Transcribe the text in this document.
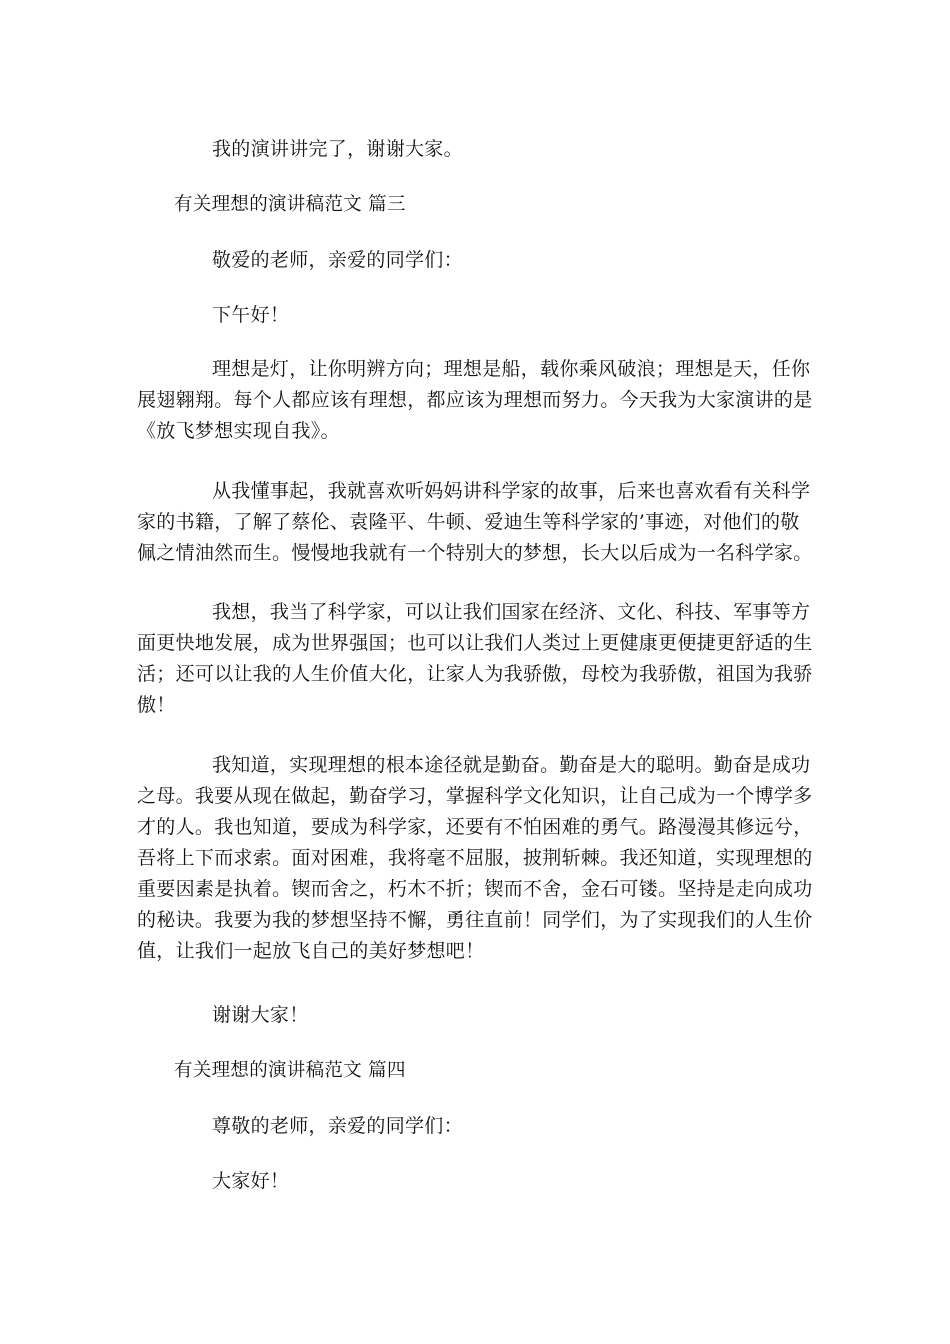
我的演讲讲完了，谢谢大家。

有关理想的演讲稿范文 篇三

敬爱的老师，亲爱的同学们：

下午好！

理想是灯，让你明辨方向；理想是船，载你乘风破浪；理想是天，任你
展翅翱翔。每个人都应该有理想，都应该为理想而努力。今天我为大家演讲的是
《放飞梦想实现自我》。
从我懂事起，我就喜欢听妈妈讲科学家的故事，后来也喜欢看有关科学
家的书籍，了解了蔡伦、袁隆平、牛顿、爱迪生等科学家的’事迹，对他们的敬
佩之情油然而生。慢慢地我就有一个特别大的梦想，长大以后成为一名科学家。
我想，我当了科学家，可以让我们国家在经济、文化、科技、军事等方
面更快地发展，成为世界强国；也可以让我们人类过上更健康更便捷更舒适的生
活；还可以让我的人生价值大化，让家人为我骄傲，母校为我骄傲，祖国为我骄
傲！
我知道，实现理想的根本途径就是勤奋。勤奋是大的聪明。勤奋是成功
之母。我要从现在做起，勤奋学习，掌握科学文化知识，让自己成为一个博学多
才的人。我也知道，要成为科学家，还要有不怕困难的勇气。路漫漫其修远兮，
吾将上下而求索。面对困难，我将毫不屈服，披荆斩棘。我还知道，实现理想的
重要因素是执着。锲而舍之，朽木不折；锲而不舍，金石可镂。坚持是走向成功
的秘诀。我要为我的梦想坚持不懈，勇往直前！同学们，为了实现我们的人生价
值，让我们一起放飞自己的美好梦想吧！

谢谢大家！

有关理想的演讲稿范文 篇四

尊敬的老师，亲爱的同学们：

大家好！
